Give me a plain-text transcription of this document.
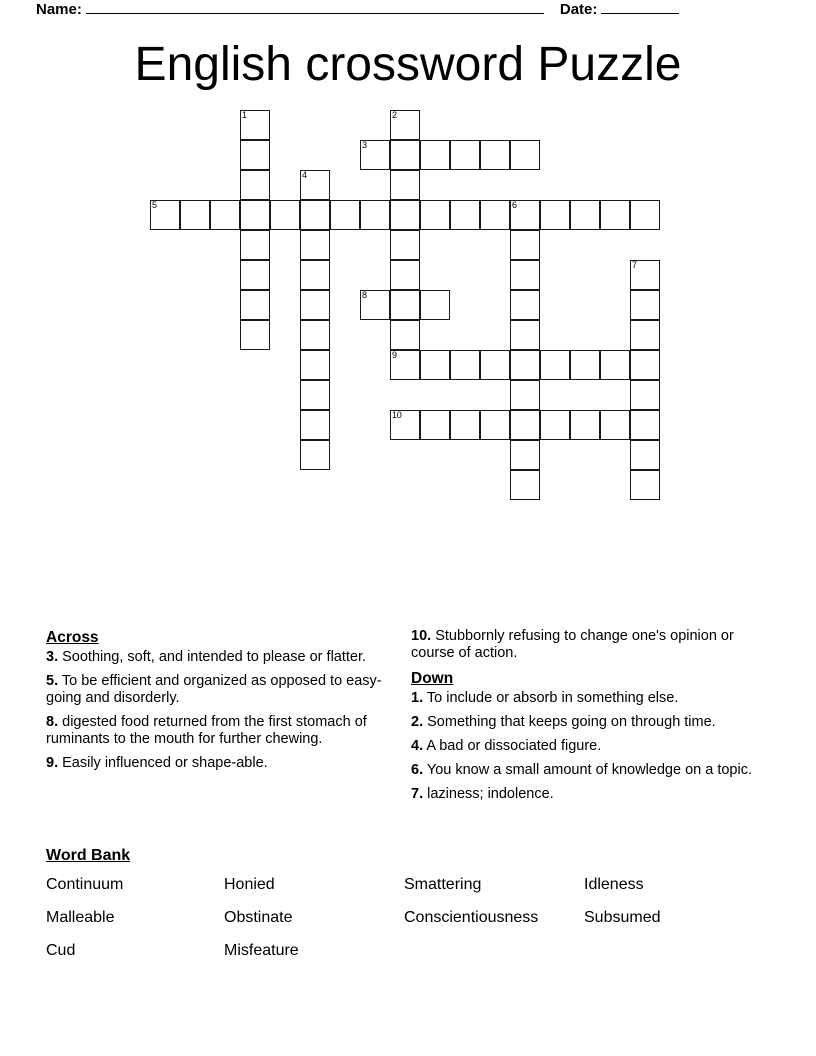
Name:	Date:
English crossword Puzzle
1	2
9
3
4
5	6
7
8
10
Across
3. Soothing, soft, and intended to please or flatter.
5. To be efficient and organized as opposed to easy-going and disorderly.
8. digested food returned from the first stomach of ruminants to the mouth for further chewing.
9. Easily influenced or shape-able.
10. Stubbornly refusing to change one's opinion or course of action.
Down
1. To include or absorb in something else.
2. Something that keeps going on through time.
4. A bad or dissociated figure.
6. You know a small amount of knowledge on a topic.
7. laziness; indolence.
Word Bank
Continuum	Honied	Smattering	Idleness
Malleable	Obstinate	Conscientiousness	Subsumed
Cud	Misfeature
